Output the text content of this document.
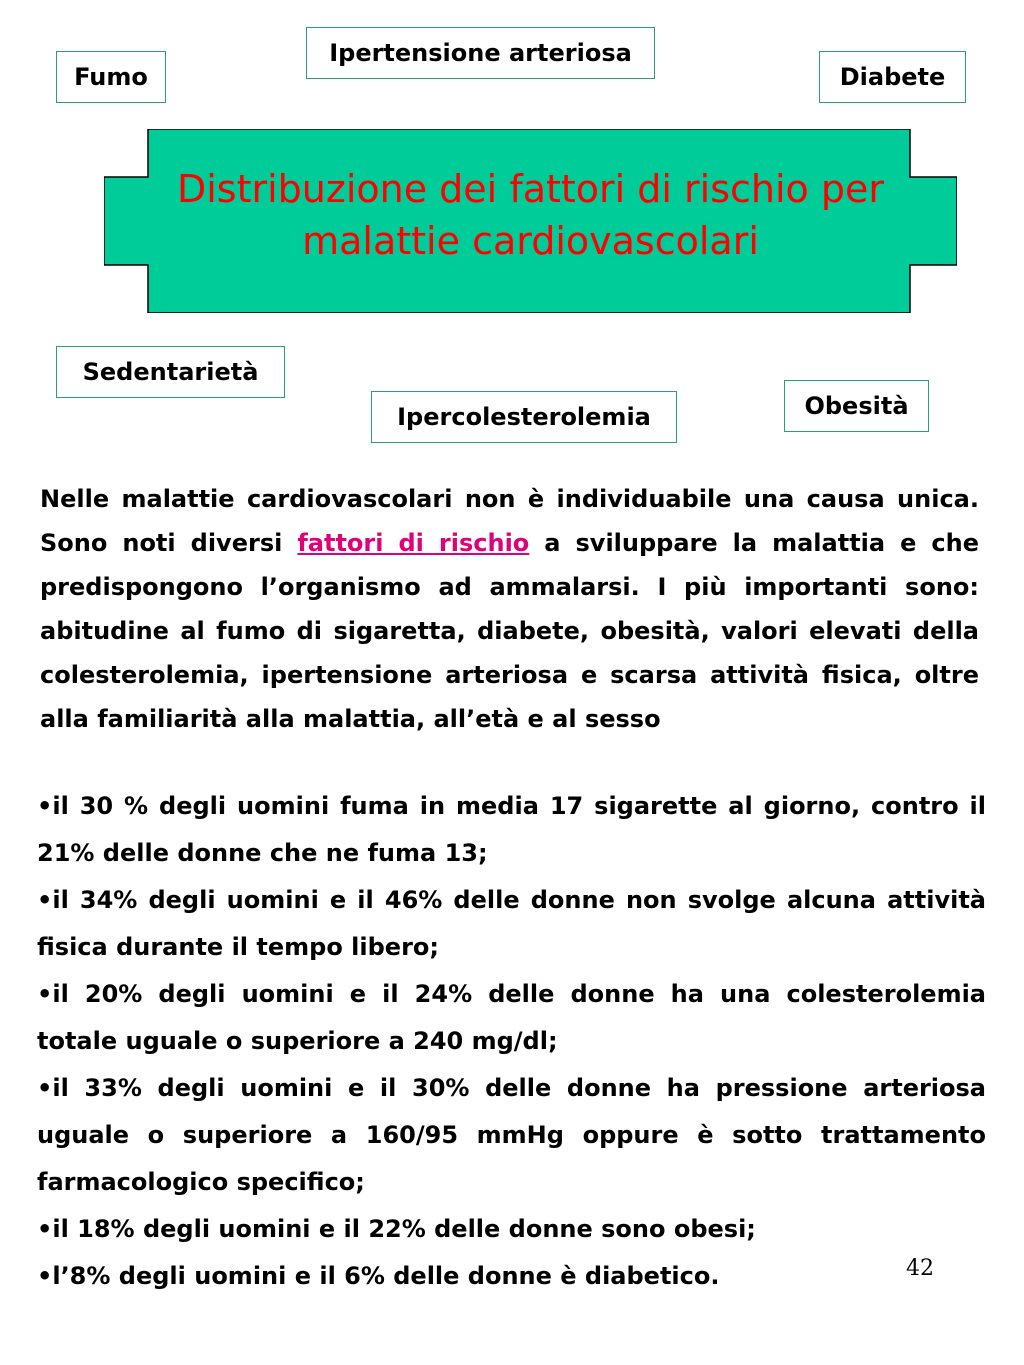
Ipertensione arteriosa
Fumo	Diabete
Distribuzione dei fattori di rischio per
malattie cardiovascolari
Sedentarietà
Ipercolesterolemia	Obesità

Nelle malattie cardiovascolari non è individuabile una causa unica. Sono noti diversi fattori di rischio a sviluppare la malattia e che predispongono l’organismo ad ammalarsi. I più importanti sono: abitudine al fumo di sigaretta, diabete, obesità, valori elevati della colesterolemia, ipertensione arteriosa e scarsa attività fisica, oltre alla familiarità alla malattia, all’età e al sesso

•il 30 % degli uomini fuma in media 17 sigarette al giorno, contro il 21% delle donne che ne fuma 13;
•il 34% degli uomini e il 46% delle donne non svolge alcuna attività fisica durante il tempo libero;
•il 20% degli uomini e il 24% delle donne ha una colesterolemia totale uguale o superiore a 240 mg/dl;
•il 33% degli uomini e il 30% delle donne ha pressione arteriosa uguale o superiore a 160/95 mmHg oppure è sotto trattamento farmacologico specifico;
•il 18% degli uomini e il 22% delle donne sono obesi;
•l’8% degli uomini e il 6% delle donne è diabetico.	42
